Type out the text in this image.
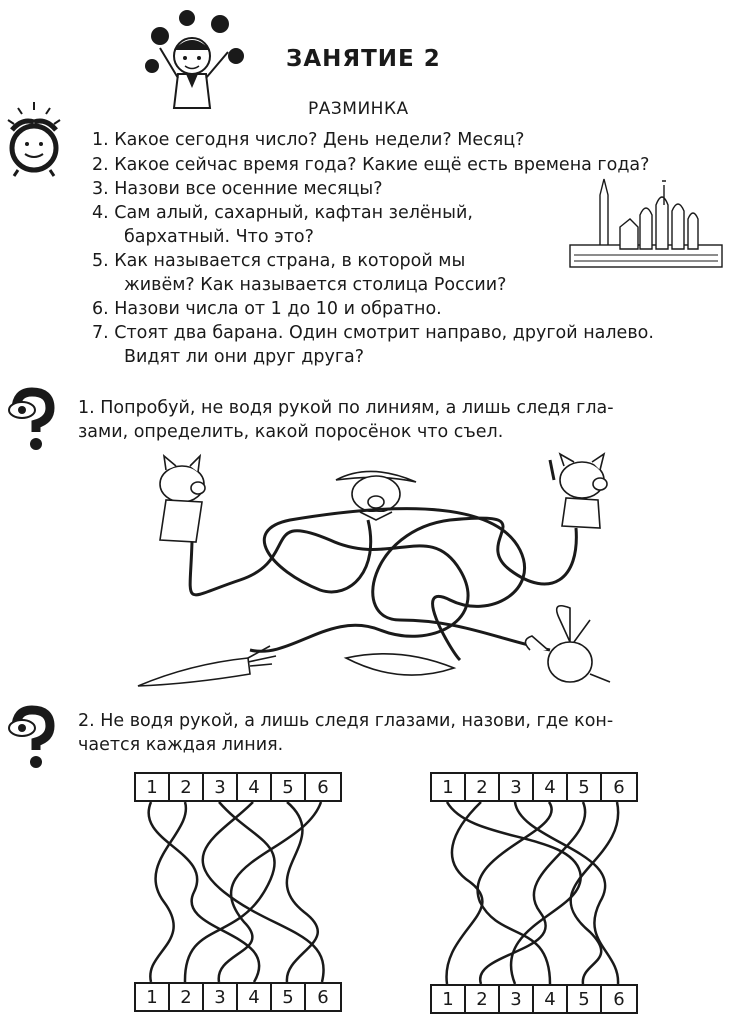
ЗАНЯТИЕ 2
РАЗМИНКА
1. Какое сегодня число? День недели? Месяц?
2. Какое сейчас время года? Какие ещё есть времена года?
3. Назови все осенние месяцы?
4. Сам алый, сахарный, кафтан зелёный,
бархатный. Что это?
5. Как называется страна, в которой мы
живём? Как называется столица России?
6. Назови числа от 1 до 10 и обратно.
7. Стоят два барана. Один смотрит направо, другой налево.
Видят ли они друг друга?
1. Попробуй, не водя рукой по линиям, а лишь следя гла-
зами, определить, какой поросёнок что съел.
2. Не водя рукой, а лишь следя глазами, назови, где кон-
чается каждая линия.
1	2	3	4	5	6
1	2	3	4	5	6
1	2	3	4	5	6
1	2	3	4	5	6
